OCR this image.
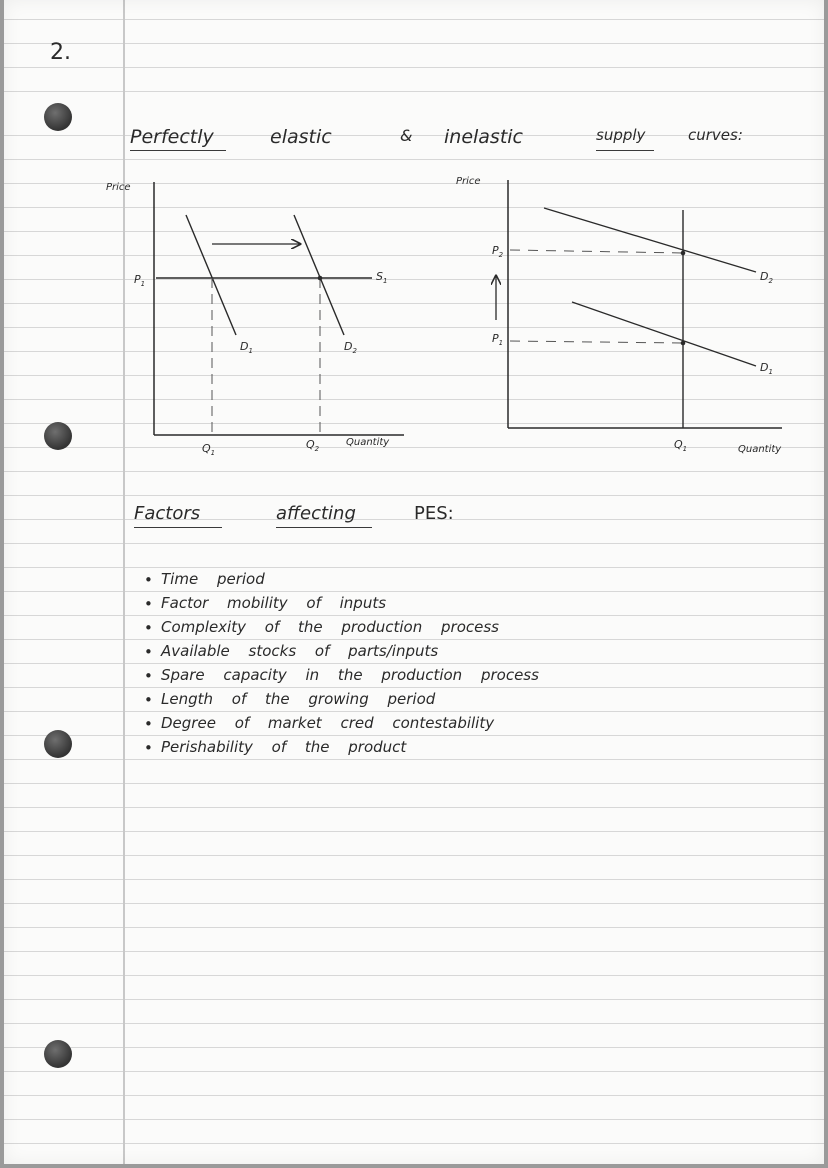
2.
Perfectly	elastic	& inelastic	supply	curves:
Price
$P_1$
$S_1$
$D_1$	$D_2$
$Q_1$
$Q_2$
Quantity
Price
$P_2$
$P_1$
$D_2$
$D_1$
$Q_1$	Quantity
Factors	affecting	PES:
• Time period
• Factor mobility of inputs
• Complexity of the production process
• Available stocks of parts/inputs
• Spare capacity in the production process
• Length of the growing period
• Degree of market cred contestability
• Perishability of the product
